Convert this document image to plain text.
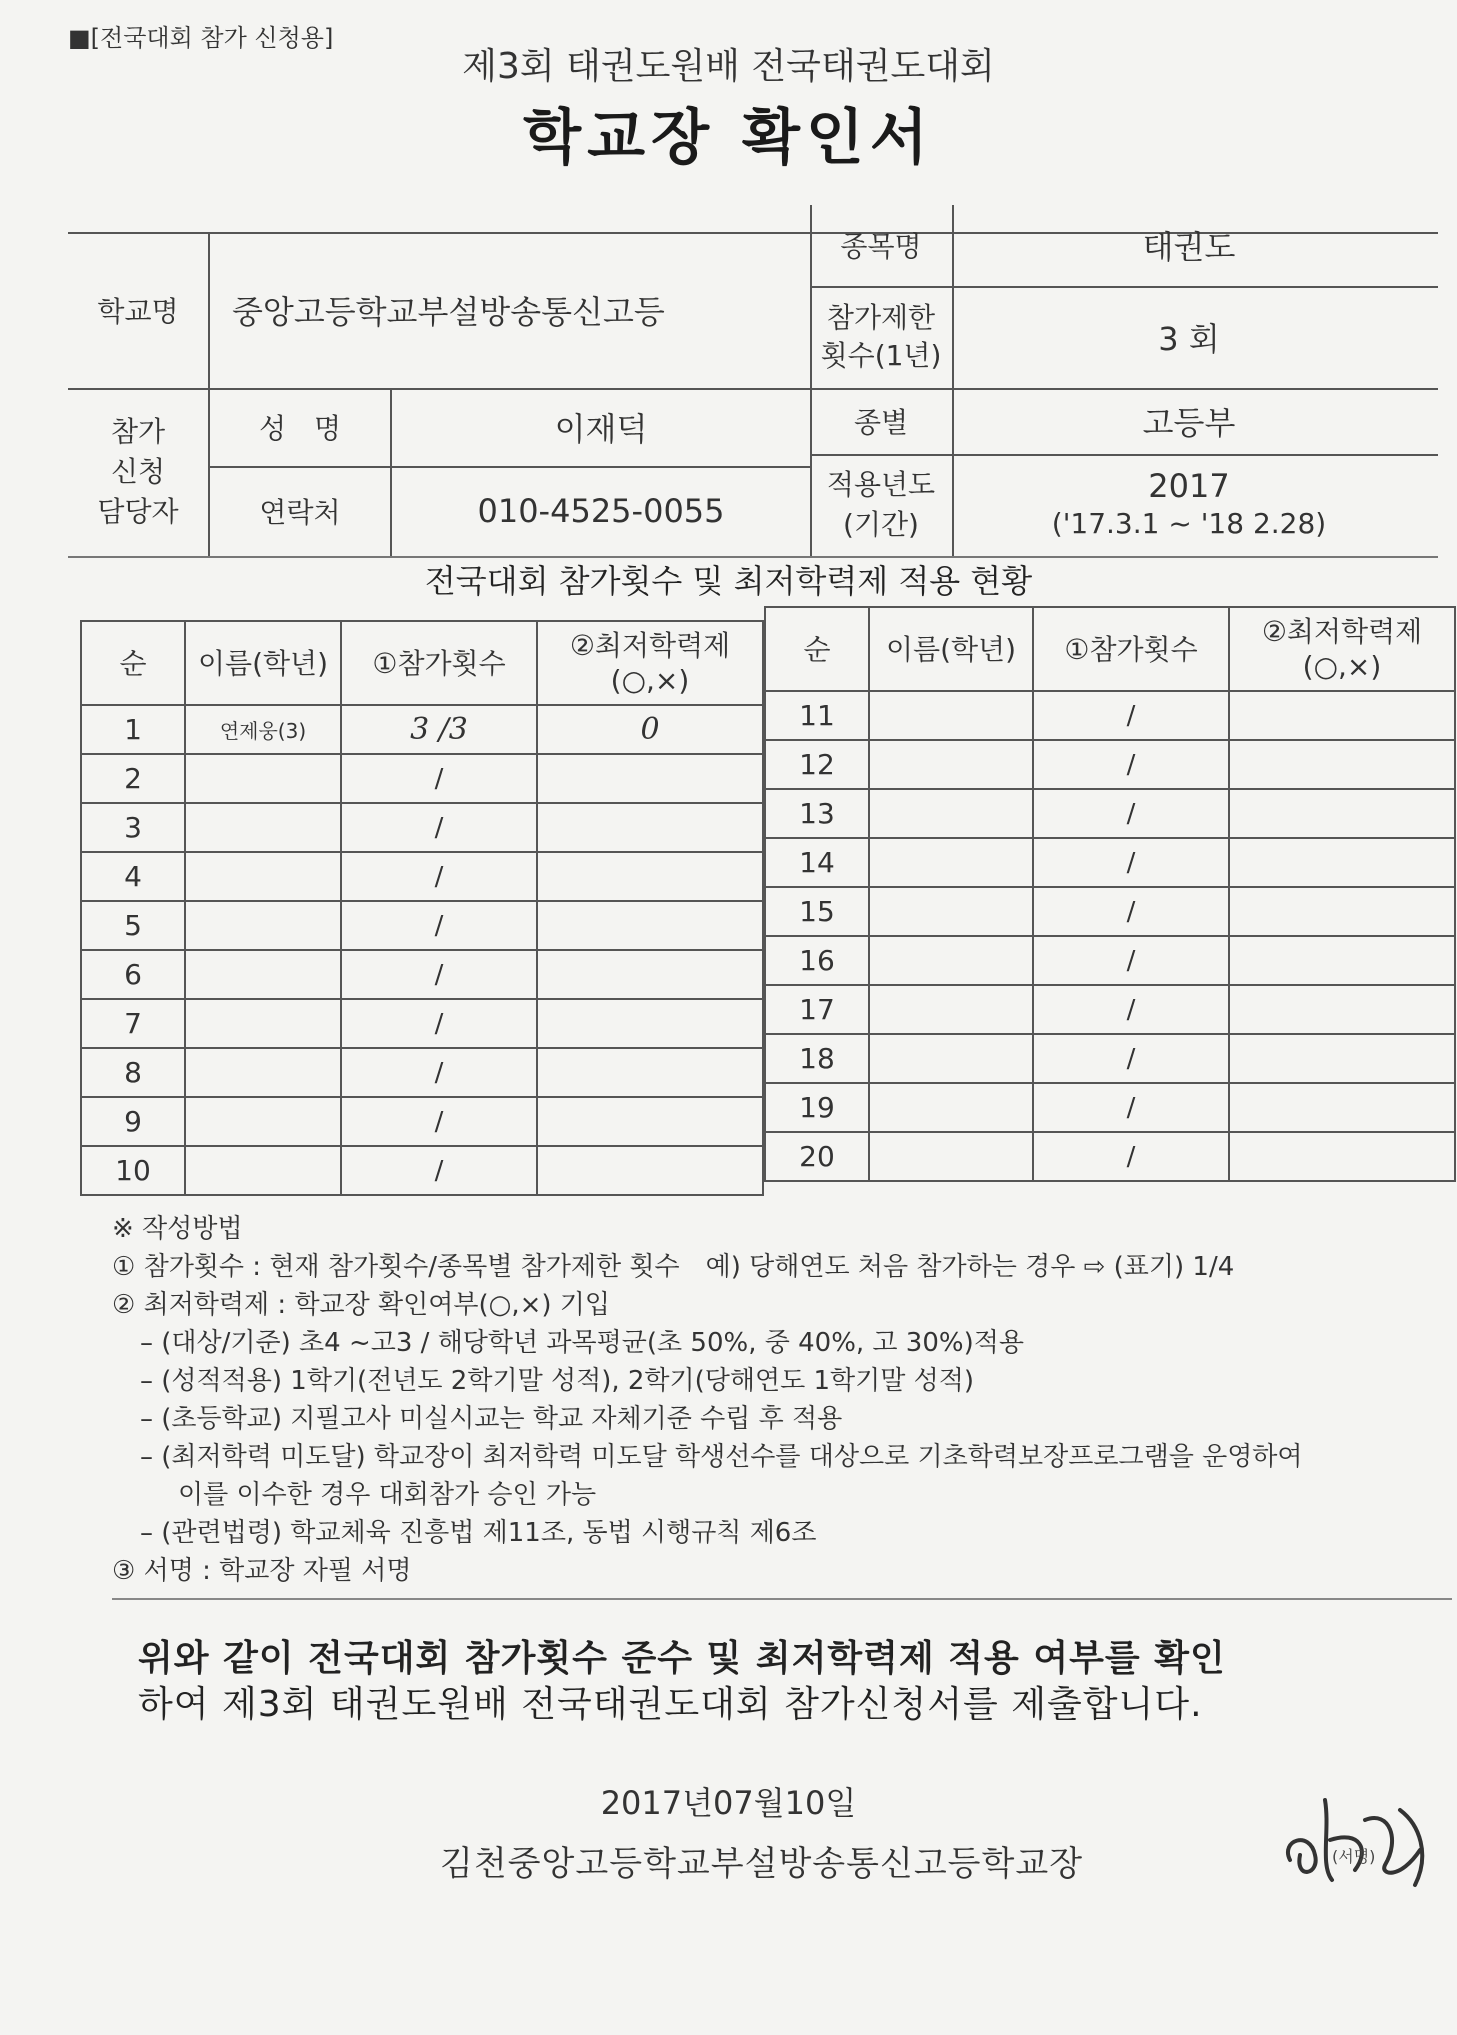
■[전국대회 참가 신청용]
제3회 태권도원배 전국태권도대회
학교장 확인서
학교명	중앙고등학교부설방송통신고등
종목명	태권도
참가제한
횟수(1년)	3 회
참가
신청
담당자
성　명	이재덕
연락처	010-4525-0055
종별	고등부
적용년도
(기간)
2017
('17.3.1 ~ '18 2.28)
전국대회 참가횟수 및 최저학력제 적용 현황
순	이름(학년)	①참가횟수	②최저학력제
(○,×)

1	연제웅(3)	3 /3	0
2		/	
3		/	
4		/	
5		/	
6		/	
7		/	
8		/	
9		/	
10		/	
순	이름(학년)	①참가횟수	②최저학력제
(○,×)

11		/	
12		/	
13		/	
14		/	
15		/	
16		/	
17		/	
18		/	
19		/	
20		/	
※ 작성방법
① 참가횟수 : 현재 참가횟수/종목별 참가제한 횟수　예) 당해연도 처음 참가하는 경우 ⇨ (표기) 1/4
② 최저학력제 : 학교장 확인여부(○,×) 기입
– (대상/기준) 초4 ~고3 / 해당학년 과목평균(초 50%, 중 40%, 고 30%)적용
– (성적적용) 1학기(전년도 2학기말 성적), 2학기(당해연도 1학기말 성적)
– (초등학교) 지필고사 미실시교는 학교 자체기준 수립 후 적용
– (최저학력 미도달) 학교장이 최저학력 미도달 학생선수를 대상으로 기초학력보장프로그램을 운영하여
이를 이수한 경우 대회참가 승인 가능
– (관련법령) 학교체육 진흥법 제11조, 동법 시행규칙 제6조
③ 서명 : 학교장 자필 서명
위와 같이 전국대회 참가횟수 준수 및 최저학력제 적용 여부를 확인
하여 제3회 태권도원배 전국태권도대회 참가신청서를 제출합니다.
2017년07월10일
김천중앙고등학교부설방송통신고등학교장	(서명)
